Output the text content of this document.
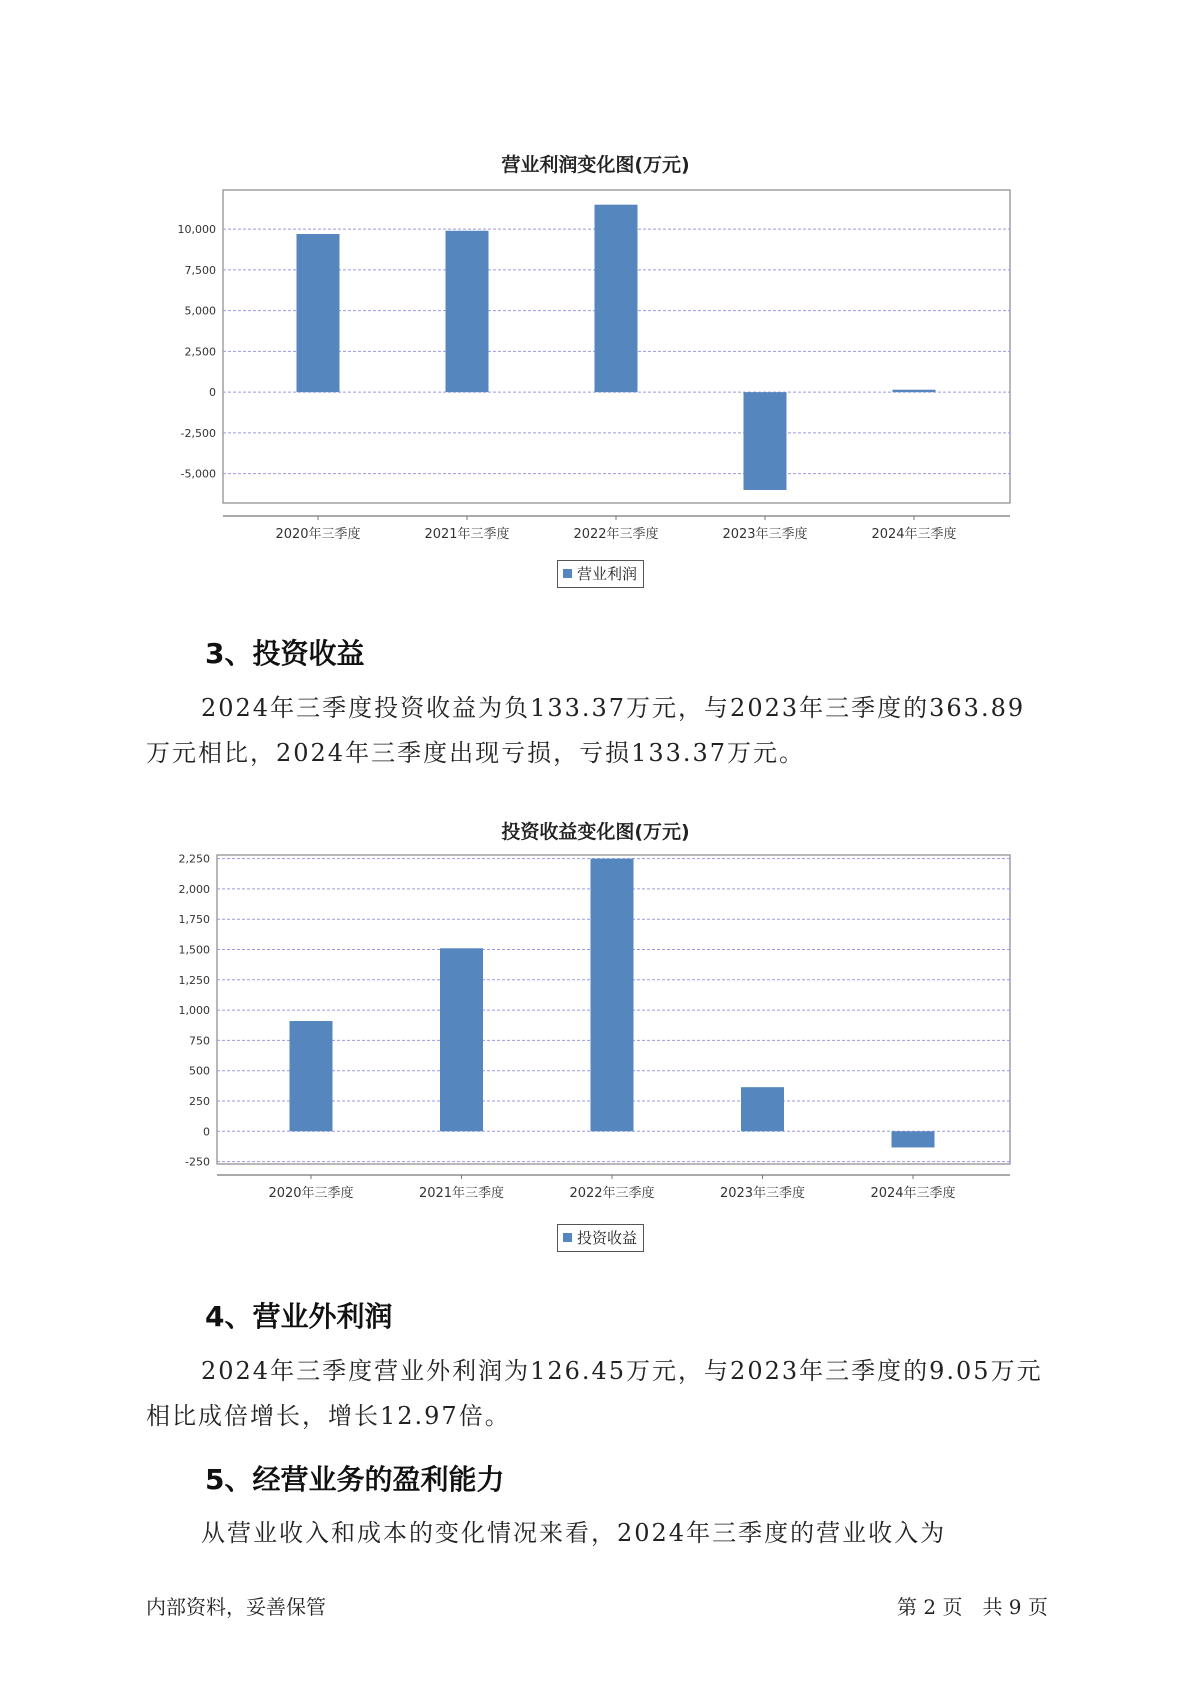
营业利润变化图(万元)
10,000
7,500
5,000
2,500
0
-2,500
-5,000
2020年三季度	2021年三季度	2022年三季度	2023年三季度	2024年三季度
营业利润
3、投资收益

2024年三季度投资收益为负133.37万元，与2023年三季度的363.89万元相比，2024年三季度出现亏损，亏损133.37万元。

投资收益变化图(万元)
2,250
2,000
1,750
1,500
1,250
1,000
750
500
250
0
-250
2020年三季度	2021年三季度	2022年三季度	2023年三季度	2024年三季度
投资收益
4、营业外利润

2024年三季度营业外利润为126.45万元，与2023年三季度的9.05万元相比成倍增长，增长12.97倍。

5、经营业务的盈利能力

从营业收入和成本的变化情况来看，2024年三季度的营业收入为

内部资料，妥善保管	第 2 页　共 9 页
